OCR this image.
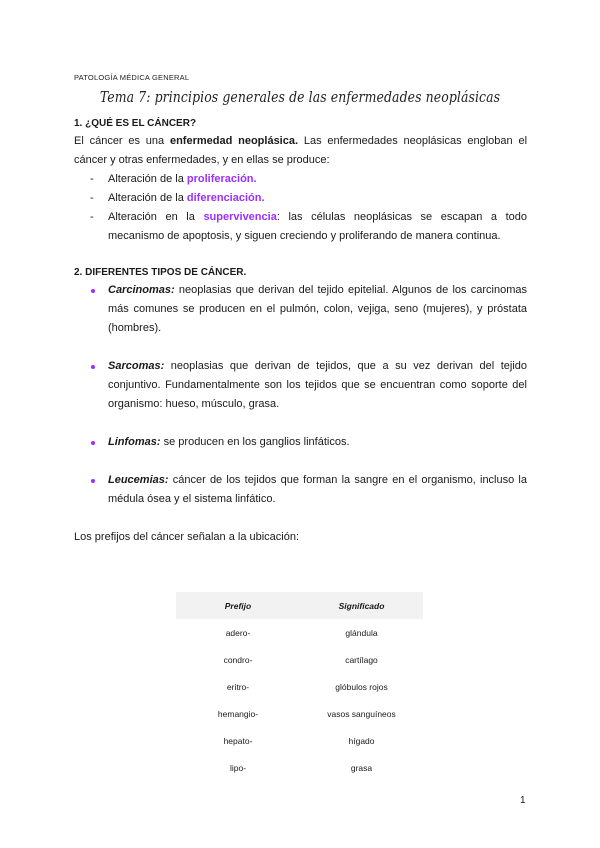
PATOLOGÍA MÉDICA GENERAL
Tema 7: principios generales de las enfermedades neoplásicas
1. ¿QUÉ ES EL CÁNCER?

El cáncer es una enfermedad neoplásica. Las enfermedades neoplásicas engloban el cáncer y otras enfermedades, y en ellas se produce:

- Alteración de la proliferación.
- Alteración de la diferenciación.
- Alteración en la supervivencia: las células neoplásicas se escapan a todo mecanismo de apoptosis, y siguen creciendo y proliferando de manera continua.
2. DIFERENTES TIPOS DE CÁNCER.
Carcinomas: neoplasias que derivan del tejido epitelial. Algunos de los carcinomas más comunes se producen en el pulmón, colon, vejiga, seno (mujeres), y próstata (hombres).
Sarcomas: neoplasias que derivan de tejidos, que a su vez derivan del tejido conjuntivo. Fundamentalmente son los tejidos que se encuentran como soporte del organismo: hueso, músculo, grasa.
Linfomas: se producen en los ganglios linfáticos.
Leucemias: cáncer de los tejidos que forman la sangre en el organismo, incluso la médula ósea y el sistema linfático.

Los prefijos del cáncer señalan a la ubicación:

Prefijo	Significado
adero-	glándula
condro-	cartílago
eritro-	glóbulos rojos
hemangio-	vasos sanguíneos
hepato-	hígado
lipo-	grasa
1
